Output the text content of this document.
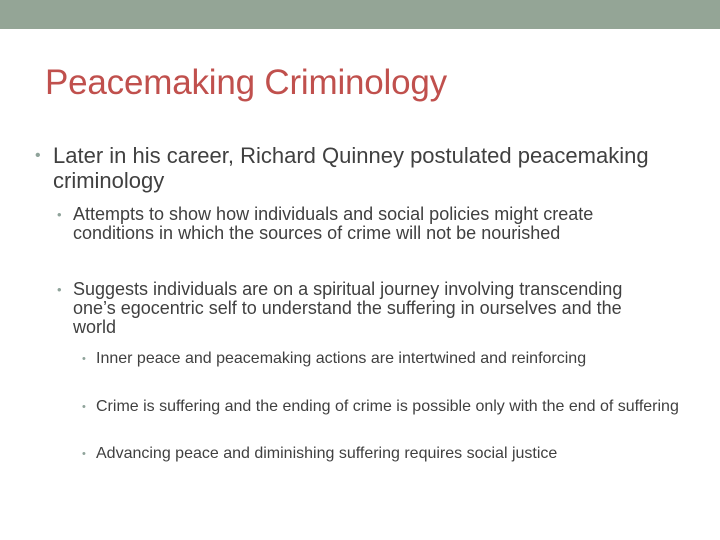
Peacemaking Criminology
• Later in his career, Richard Quinney postulated peacemaking criminology
• Attempts to show how individuals and social policies might create conditions in which the sources of crime will not be nourished
• Suggests individuals are on a spiritual journey involving transcending one’s egocentric self to understand the suffering in ourselves and the world
• Inner peace and peacemaking actions are intertwined and reinforcing
• Crime is suffering and the ending of crime is possible only with the end of suffering
• Advancing peace and diminishing suffering requires social justice
